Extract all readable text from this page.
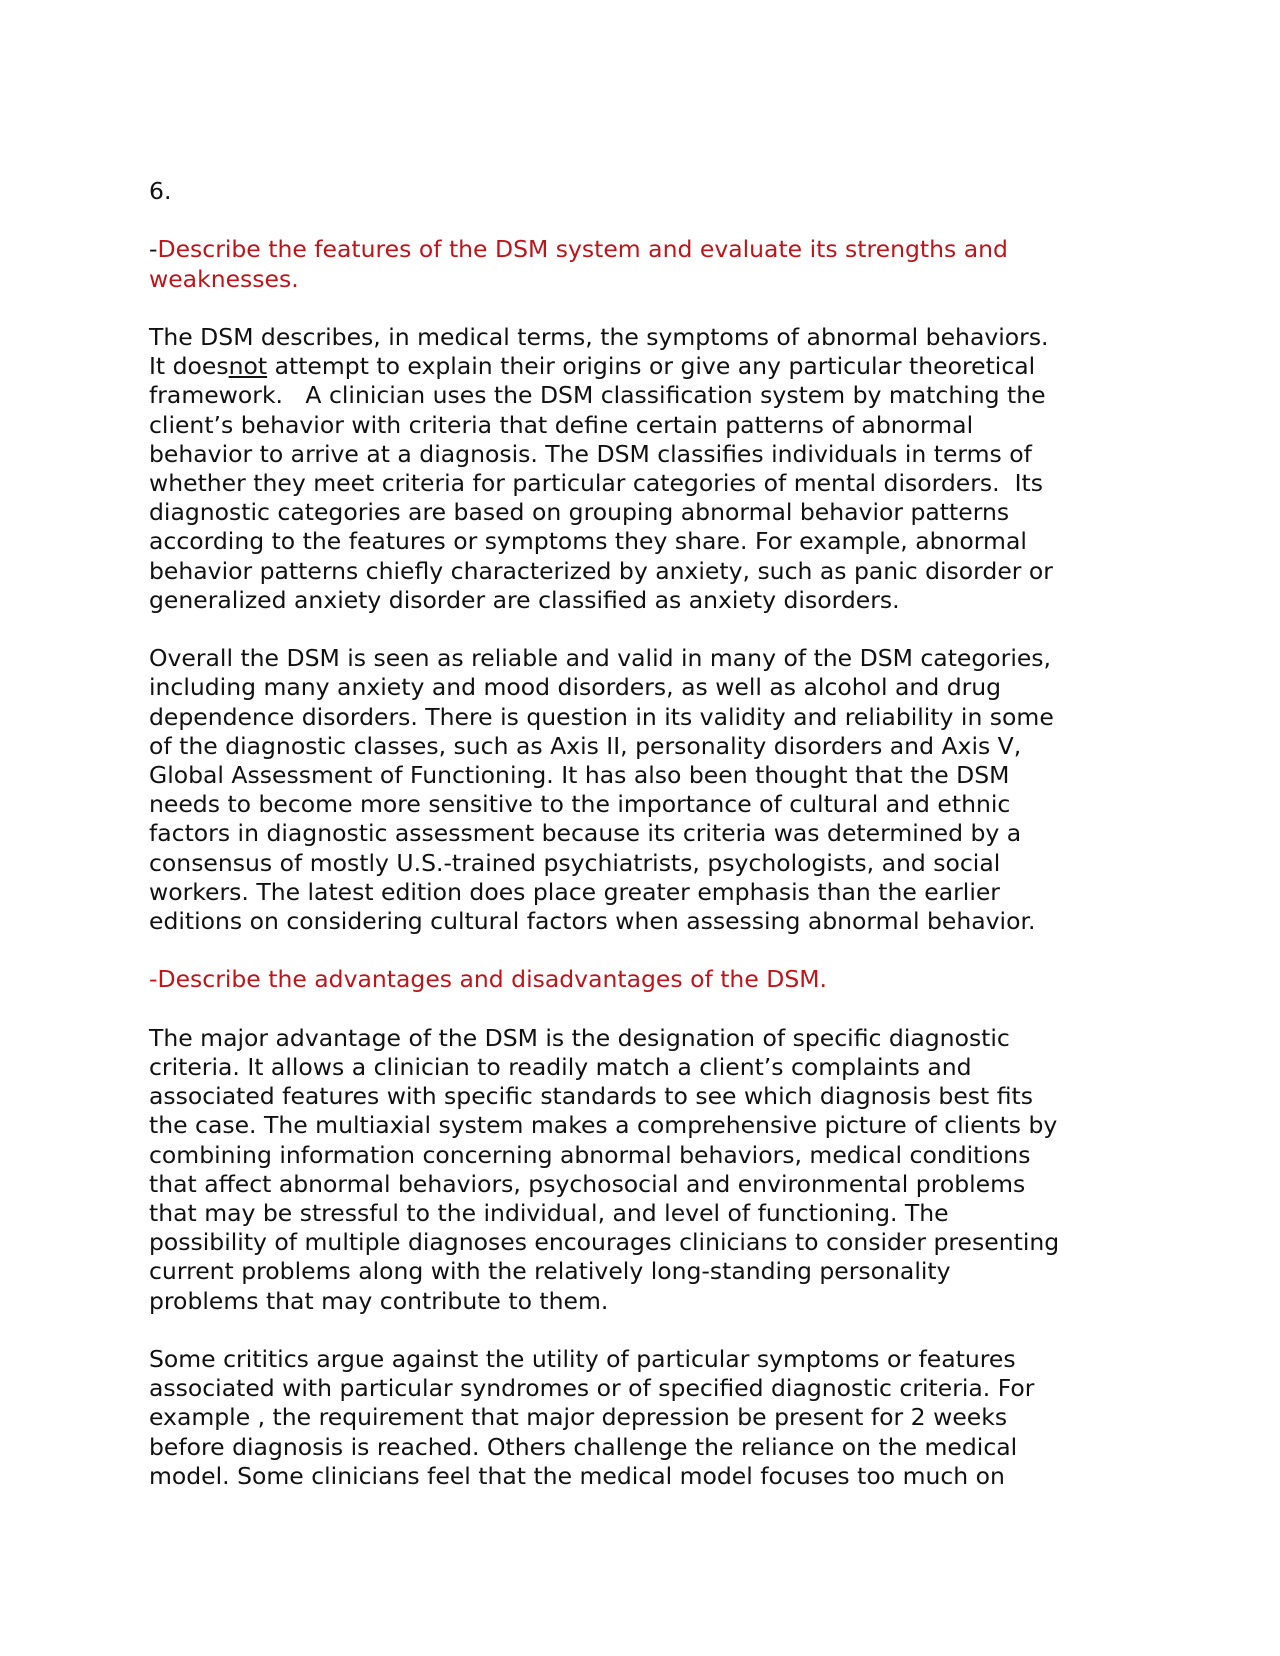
6.
-Describe the features of the DSM system and evaluate its strengths and
weaknesses.
The DSM describes, in medical terms, the symptoms of abnormal behaviors.
It doesnot attempt to explain their origins or give any particular theoretical
framework.   A clinician uses the DSM classification system by matching the
client’s behavior with criteria that define certain patterns of abnormal
behavior to arrive at a diagnosis. The DSM classifies individuals in terms of
whether they meet criteria for particular categories of mental disorders.  Its
diagnostic categories are based on grouping abnormal behavior patterns
according to the features or symptoms they share. For example, abnormal
behavior patterns chiefly characterized by anxiety, such as panic disorder or
generalized anxiety disorder are classified as anxiety disorders.
Overall the DSM is seen as reliable and valid in many of the DSM categories,
including many anxiety and mood disorders, as well as alcohol and drug
dependence disorders. There is question in its validity and reliability in some
of the diagnostic classes, such as Axis II, personality disorders and Axis V,
Global Assessment of Functioning. It has also been thought that the DSM
needs to become more sensitive to the importance of cultural and ethnic
factors in diagnostic assessment because its criteria was determined by a
consensus of mostly U.S.-trained psychiatrists, psychologists, and social
workers. The latest edition does place greater emphasis than the earlier
editions on considering cultural factors when assessing abnormal behavior.
-Describe the advantages and disadvantages of the DSM.
The major advantage of the DSM is the designation of specific diagnostic
criteria. It allows a clinician to readily match a client’s complaints and
associated features with specific standards to see which diagnosis best fits
the case. The multiaxial system makes a comprehensive picture of clients by
combining information concerning abnormal behaviors, medical conditions
that affect abnormal behaviors, psychosocial and environmental problems
that may be stressful to the individual, and level of functioning. The
possibility of multiple diagnoses encourages clinicians to consider presenting
current problems along with the relatively long-standing personality
problems that may contribute to them.
Some crititics argue against the utility of particular symptoms or features
associated with particular syndromes or of specified diagnostic criteria. For
example , the requirement that major depression be present for 2 weeks
before diagnosis is reached. Others challenge the reliance on the medical
model. Some clinicians feel that the medical model focuses too much on
